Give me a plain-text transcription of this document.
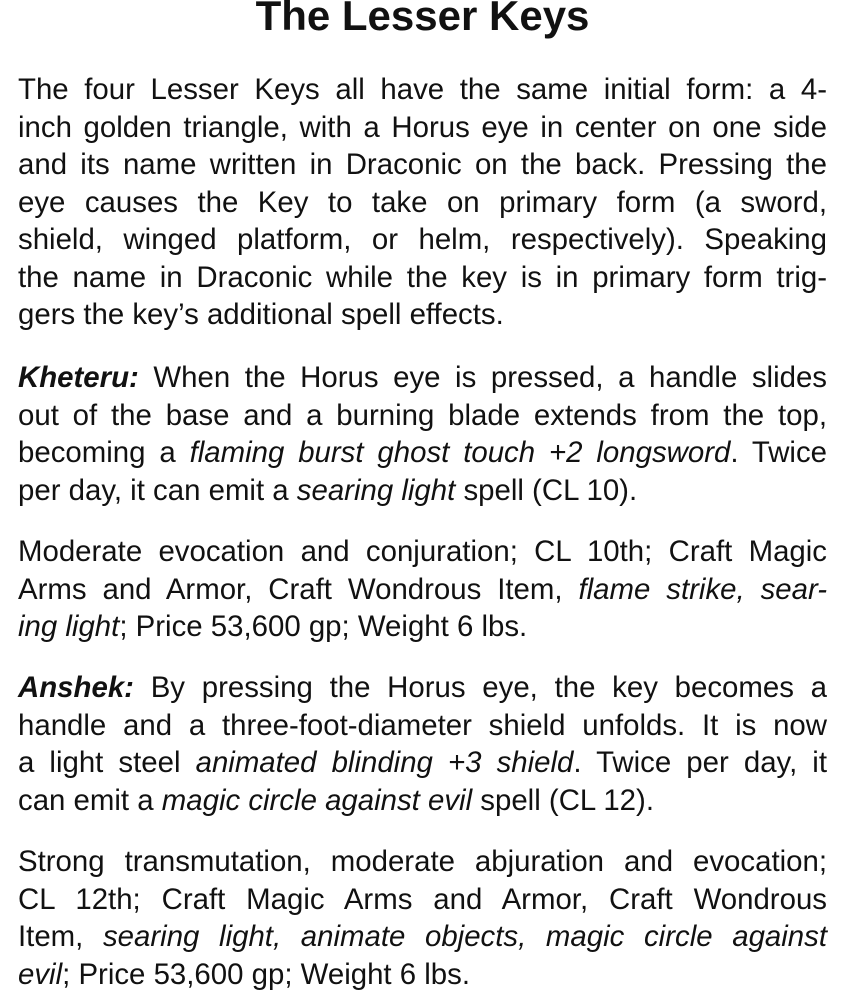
The Lesser Keys
The four Lesser Keys all have the same initial form: a 4-
inch golden triangle, with a Horus eye in center on one side
and its name written in Draconic on the back. Pressing the
eye causes the Key to take on primary form (a sword,
shield, winged platform, or helm, respectively). Speaking
the name in Draconic while the key is in primary form trig-
gers the key’s additional spell effects.
Kheteru: When the Horus eye is pressed, a handle slides
out of the base and a burning blade extends from the top,
becoming a flaming burst ghost touch +2 longsword. Twice
per day, it can emit a searing light spell (CL 10).
Moderate evocation and conjuration; CL 10th; Craft Magic
Arms and Armor, Craft Wondrous Item, flame strike, sear-
ing light; Price 53,600 gp; Weight 6 lbs.
Anshek: By pressing the Horus eye, the key becomes a
handle and a three-foot-diameter shield unfolds. It is now
a light steel animated blinding +3 shield. Twice per day, it
can emit a magic circle against evil spell (CL 12).
Strong transmutation, moderate abjuration and evocation;
CL 12th; Craft Magic Arms and Armor, Craft Wondrous
Item, searing light, animate objects, magic circle against
evil; Price 53,600 gp; Weight 6 lbs.
